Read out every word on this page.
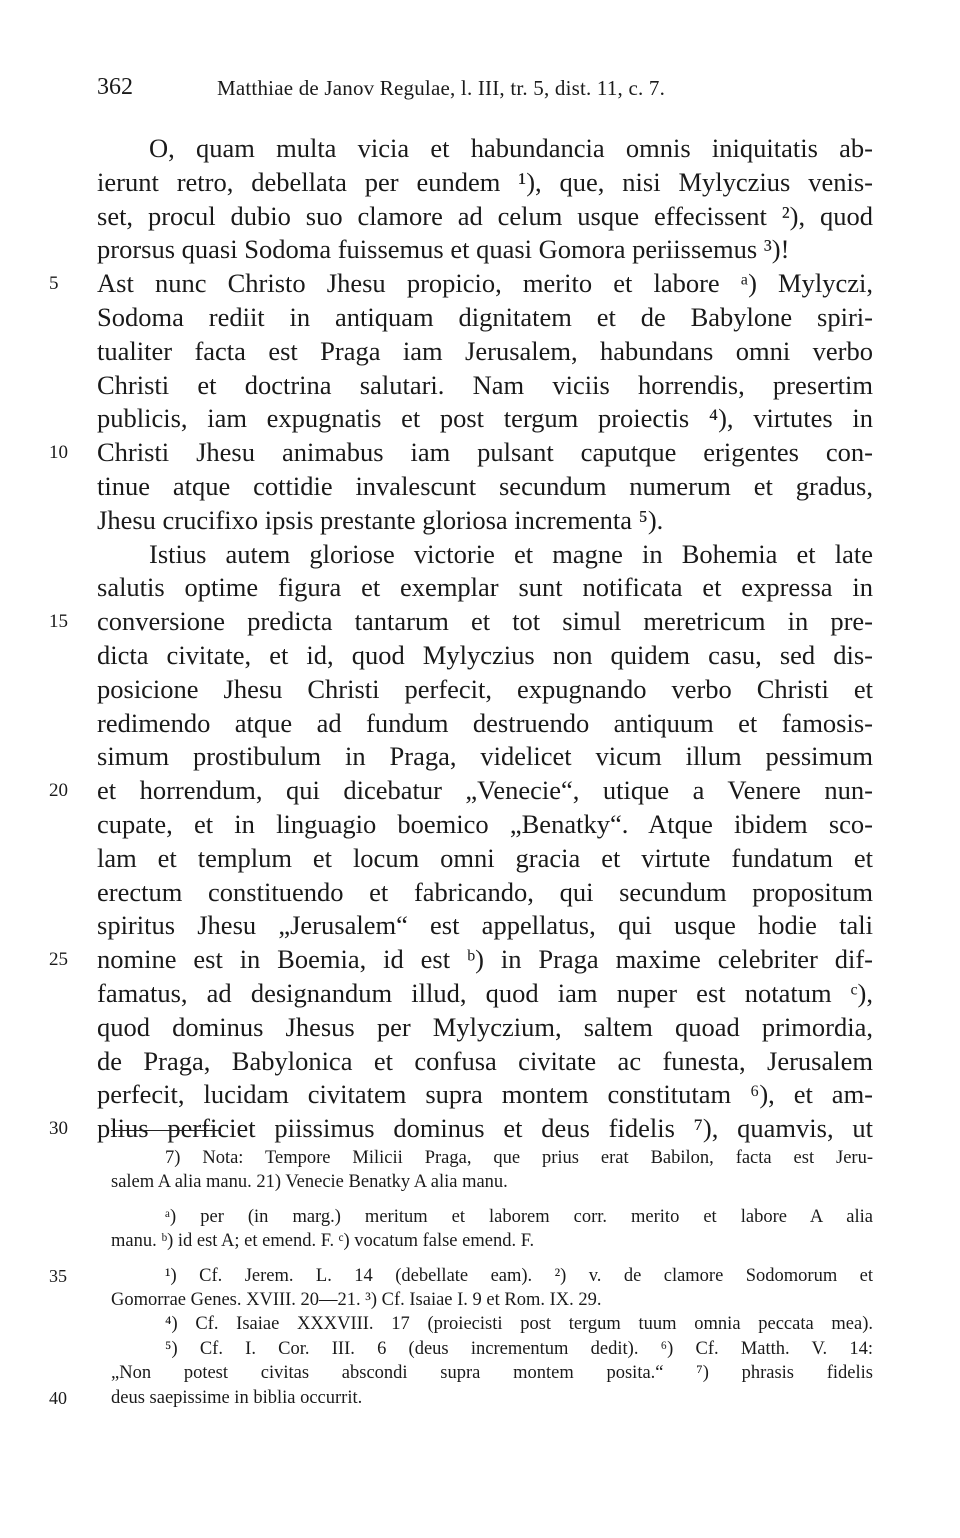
362	Matthiae de Janov Regulae, l. III, tr. 5, dist. 11, c. 7.
O, quam multa vicia et habundancia omnis iniquitatis ab-
ierunt retro, debellata per eundem ¹), que, nisi Mylyczius venis-
set, procul dubio suo clamore ad celum usque effecissent ²), quod
prorsus quasi Sodoma fuissemus et quasi Gomora periissemus ³)!
5	Ast nunc Christo Jhesu propicio, merito et labore ᵃ) Mylyczi,
Sodoma rediit in antiquam dignitatem et de Babylone spiri-
tualiter facta est Praga iam Jerusalem, habundans omni verbo
Christi et doctrina salutari. Nam viciis horrendis, presertim
publicis, iam expugnatis et post tergum proiectis ⁴), virtutes in
10	Christi Jhesu animabus iam pulsant caputque erigentes con-
tinue atque cottidie invalescunt secundum numerum et gradus,
Jhesu crucifixo ipsis prestante gloriosa incrementa ⁵).
Istius autem gloriose victorie et magne in Bohemia et late
salutis optime figura et exemplar sunt notificata et expressa in
15	conversione predicta tantarum et tot simul meretricum in pre-
dicta civitate, et id, quod Mylyczius non quidem casu, sed dis-
posicione Jhesu Christi perfecit, expugnando verbo Christi et
redimendo atque ad fundum destruendo antiquum et famosis-
simum prostibulum in Praga, videlicet vicum illum pessimum
20	et horrendum, qui dicebatur „Venecie“, utique a Venere nun-
cupate, et in linguagio boemico „Benatky“. Atque ibidem sco-
lam et templum et locum omni gracia et virtute fundatum et
erectum constituendo et fabricando, qui secundum propositum
spiritus Jhesu „Jerusalem“ est appellatus, qui usque hodie tali
25	nomine est in Boemia, id est ᵇ) in Praga maxime celebriter dif-
famatus, ad designandum illud, quod iam nuper est notatum ᶜ),
quod dominus Jhesus per Mylyczium, saltem quoad primordia,
de Praga, Babylonica et confusa civitate ac funesta, Jerusalem
perfecit, lucidam civitatem supra montem constitutam ⁶), et am-
30	plius perficiet piissimus dominus et deus fidelis ⁷), quamvis, ut
7) Nota: Tempore Milicii Praga, que prius erat Babilon, facta est Jeru-
salem A alia manu. 21) Venecie Benatky A alia manu.
ᵃ) per (in marg.) meritum et laborem corr. merito et labore A alia
manu. ᵇ) id est A; et emend. F. ᶜ) vocatum false emend. F.
35	¹) Cf. Jerem. L. 14 (debellate eam). ²) v. de clamore Sodomorum et
Gomorrae Genes. XVIII. 20—21. ³) Cf. Isaiae I. 9 et Rom. IX. 29.
⁴) Cf. Isaiae XXXVIII. 17 (proiecisti post tergum tuum omnia peccata mea).
⁵) Cf. I. Cor. III. 6 (deus incrementum dedit). ⁶) Cf. Matth. V. 14:
„Non potest civitas abscondi supra montem posita.“ ⁷) phrasis fidelis
40 deus saepissime in biblia occurrit.
